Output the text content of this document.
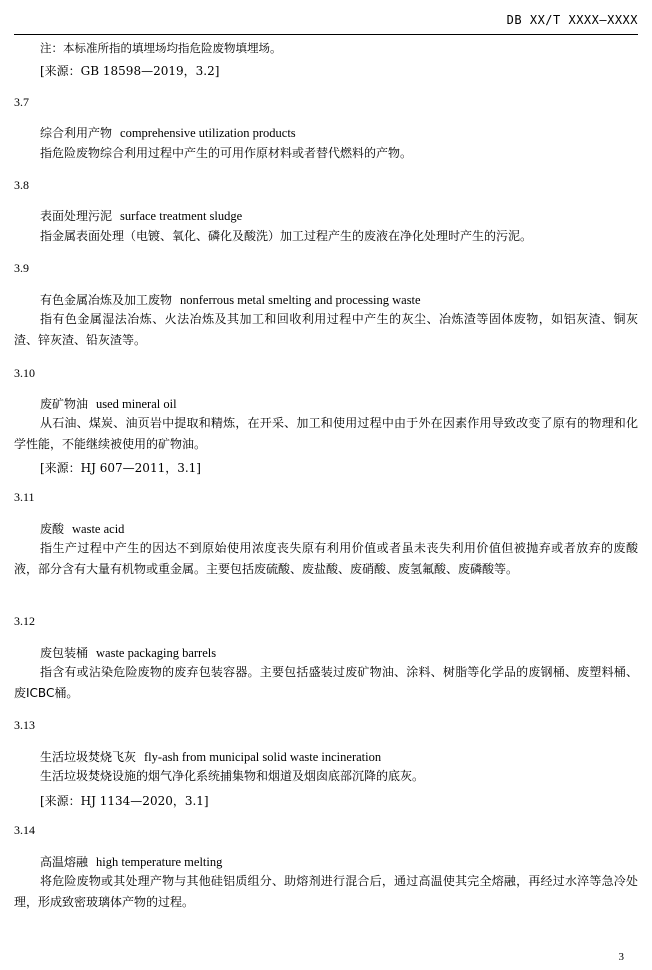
DB XX/T XXXX—XXXX
注：本标准所指的填埋场均指危险废物填埋场。
[来源：GB 18598—2019，3.2]
3.7
综合利用产物 comprehensive utilization products
指危险废物综合利用过程中产生的可用作原材料或者替代燃料的产物。
3.8
表面处理污泥 surface treatment sludge
指金属表面处理（电镀、氧化、磷化及酸洗）加工过程产生的废液在净化处理时产生的污泥。
3.9
有色金属冶炼及加工废物 nonferrous metal smelting and processing waste
指有色金属湿法冶炼、火法冶炼及其加工和回收利用过程中产生的灰尘、冶炼渣等固体废物，如铝灰渣、铜灰渣、锌灰渣、铅灰渣等。
3.10
废矿物油 used mineral oil
从石油、煤炭、油页岩中提取和精炼，在开采、加工和使用过程中由于外在因素作用导致改变了原有的物理和化学性能，不能继续被使用的矿物油。
[来源：HJ 607—2011，3.1]
3.11
废酸 waste acid
指生产过程中产生的因达不到原始使用浓度丧失原有利用价值或者虽未丧失利用价值但被抛弃或者放弃的废酸液，部分含有大量有机物或重金属。主要包括废硫酸、废盐酸、废硝酸、废氢氟酸、废磷酸等。
3.12
废包装桶 waste packaging barrels
指含有或沾染危险废物的废弃包装容器。主要包括盛装过废矿物油、涂料、树脂等化学品的废钢桶、废塑料桶、废ICBC桶。
3.13
生活垃圾焚烧飞灰 fly-ash from municipal solid waste incineration
生活垃圾焚烧设施的烟气净化系统捕集物和烟道及烟囱底部沉降的底灰。
[来源：HJ 1134—2020，3.1]
3.14
高温熔融 high temperature melting
将危险废物或其处理产物与其他硅铝质组分、助熔剂进行混合后，通过高温使其完全熔融，再经过水淬等急冷处理，形成致密玻璃体产物的过程。
3
